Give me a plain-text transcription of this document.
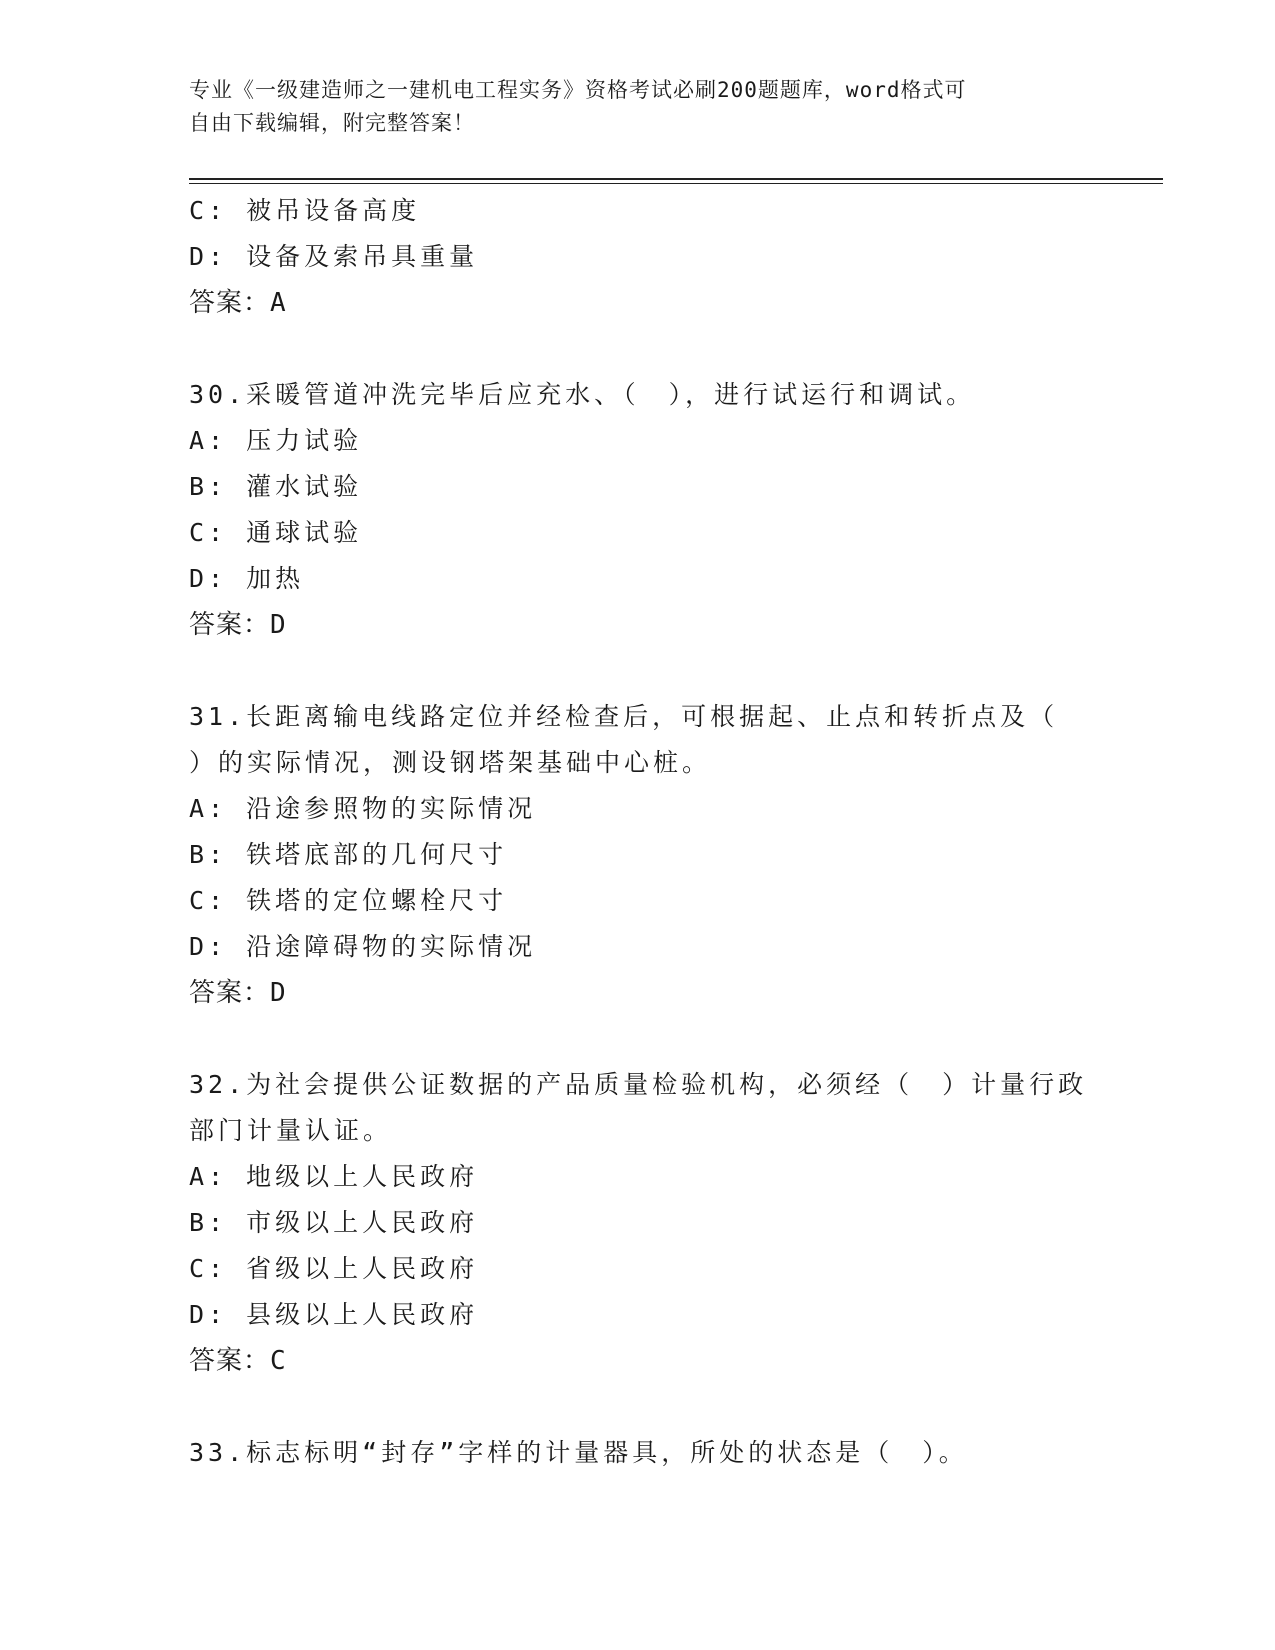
专业《一级建造师之一建机电工程实务》资格考试必刷200题题库，word格式可
自由下载编辑，附完整答案！
C: 被吊设备高度
D: 设备及索吊具重量
答案：A
30.采暖管道冲洗完毕后应充水、（　），进行试运行和调试。
A: 压力试验
B: 灌水试验
C: 通球试验
D: 加热
答案：D
31.长距离输电线路定位并经检查后，可根据起、止点和转折点及（
）的实际情况，测设钢塔架基础中心桩。
A: 沿途参照物的实际情况
B: 铁塔底部的几何尺寸
C: 铁塔的定位螺栓尺寸
D: 沿途障碍物的实际情况
答案：D
32.为社会提供公证数据的产品质量检验机构，必须经（　）计量行政
部门计量认证。
A: 地级以上人民政府
B: 市级以上人民政府
C: 省级以上人民政府
D: 县级以上人民政府
答案：C
33.标志标明“封存”字样的计量器具，所处的状态是（　）。
